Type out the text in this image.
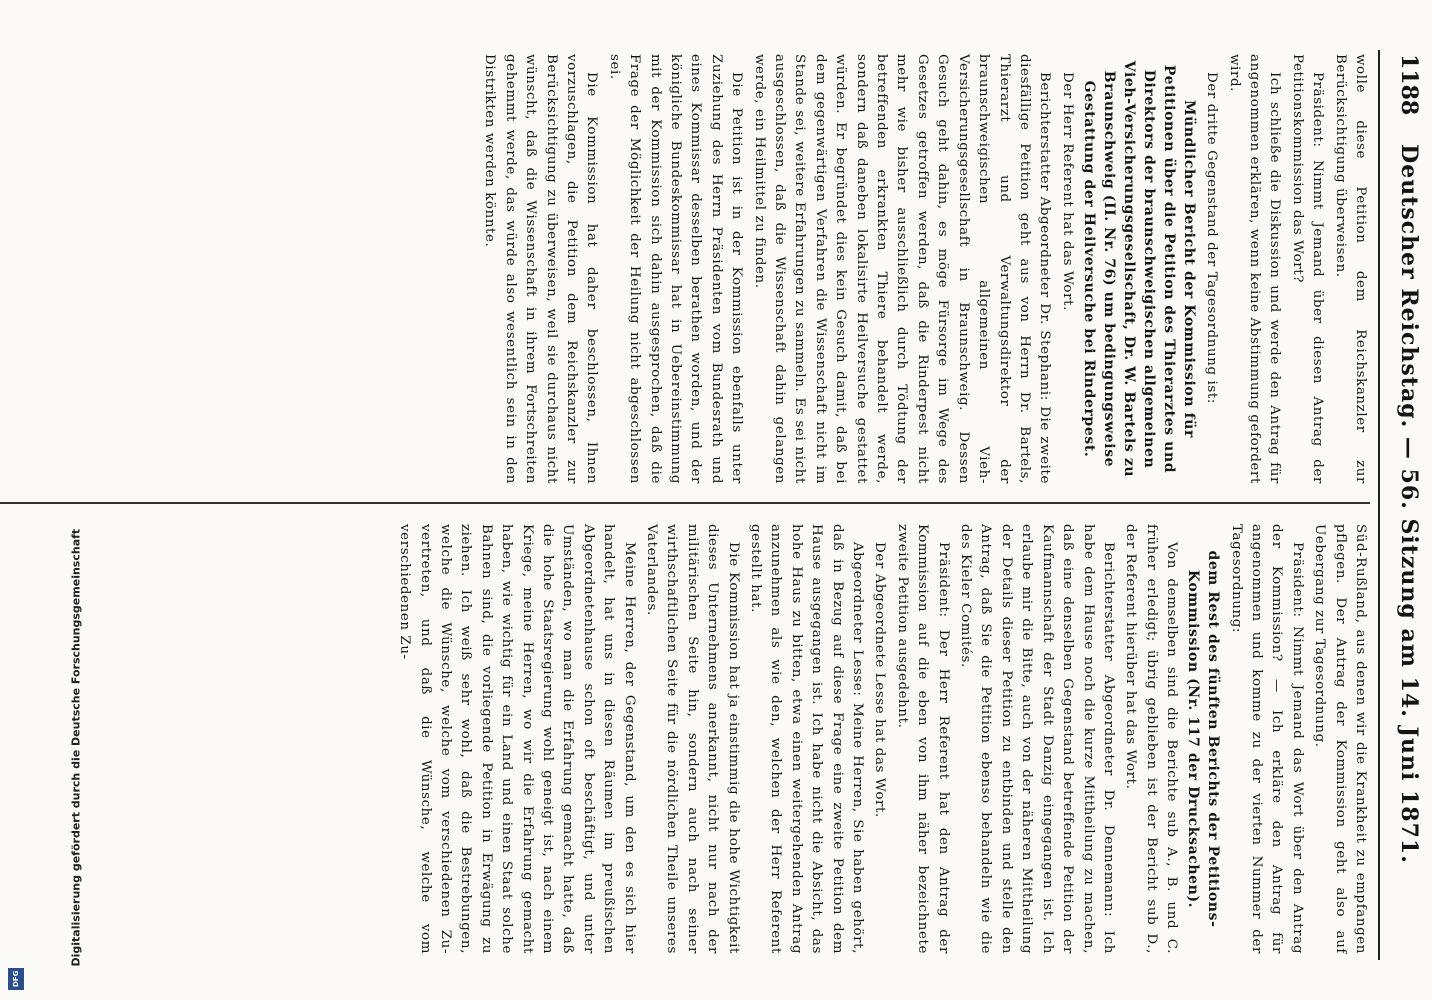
1188
Deutscher Reichstag. — 56. Sitzung am 14. Juni 1871.

wolle diese Petition dem Reichskanzler zur Berücksichtigung überweisen.

Präsident: Nimmt Jemand über diesen Antrag der Petitionskommission das Wort?

Ich schließe die Diskussion und werde den Antrag für angenommen erklären, wenn keine Abstimmung gefordert wird.

Der dritte Gegenstand der Tagesordnung ist:

Mündlicher Bericht der Kommission für Petitionen über die Petition des Thierarztes und Direktors der braunschweigischen allgemeinen Vieh-Versicherungsgesellschaft, Dr. W. Bartels zu Braunschweig (II. Nr. 76) um bedingungsweise Gestattung der Heilversuche bei Rinderpest.

Der Herr Referent hat das Wort.

Berichterstatter Abgeordneter Dr. Stephani: Die zweite diesfällige Petition geht aus von Herrn Dr. Bartels, Thierarzt und Verwaltungsdirektor der braunschweigischen allgemeinen Vieh-Versicherungsgesellschaft in Braunschweig. Dessen Gesuch geht dahin, es möge Fürsorge im Wege des Gesetzes getroffen werden, daß die Rinderpest nicht mehr wie bisher ausschließlich durch Tödtung der betreffenden erkrankten Thiere behandelt werde, sondern daß daneben lokalisirte Heilversuche gestattet würden. Er begründet dies kein Gesuch damit, daß bei dem gegenwärtigen Verfahren die Wissenschaft nicht im Stande sei, weitere Erfahrungen zu sammeln. Es sei nicht ausgeschlossen, daß die Wissenschaft dahin gelangen werde, ein Heilmittel zu finden.

Die Petition ist in der Kommission ebenfalls unter Zuziehung des Herrn Präsidenten vom Bundesrath und eines Kommissar desselben berathen worden, und der königliche Bundeskommissar hat in Uebereinstimmung mit der Kommission sich dahin ausgesprochen, daß die Frage der Möglichkeit der Heilung nicht abgeschlossen sei.

Die Kommission hat daher beschlossen, Ihnen vorzuschlagen, die Petition dem Reichskanzler zur Berücksichtigung zu überweisen, weil sie durchaus nicht wünscht, daß die Wissenschaft in ihrem Fortschreiten gehemmt werde, das würde also wesentlich sein in den Distrikten werden könnte.

Süd-Rußland, aus denen wir die Krankheit zu empfangen pflegen. Der Antrag der Kommission geht also auf Uebergang zur Tagesordnung.

Präsident: Nimmt Jemand das Wort über den Antrag der Kommission? — Ich erkläre den Antrag für angenommen und komme zu der vierten Nummer der Tagesordnung:

dem Rest des fünften Berichts der Petitions-Kommission (Nr. 117 der Drucksachen).

Von demselben sind die Berichte sub A., B. und C. früher erledigt; übrig geblieben ist der Bericht sub D., der Referent hierüber hat das Wort.

Berichterstatter Abgeordneter Dr. Dennemann: Ich habe dem Hause noch die kurze Mittheilung zu machen, daß eine denselben Gegenstand betreffende Petition der Kaufmannschaft der Stadt Danzig eingegangen ist. Ich erlaube mir die Bitte, auch von der näheren Mittheilung der Details dieser Petition zu entbinden und stelle den Antrag, daß Sie die Petition ebenso behandeln wie die des Kieler Comités.

Präsident: Der Herr Referent hat den Antrag der Kommission auf die eben von ihm näher bezeichnete zweite Petition ausgedehnt.

Der Abgeordnete Lesse hat das Wort.

Abgeordneter Lesse: Meine Herren, Sie haben gehört, daß in Bezug auf diese Frage eine zweite Petition dem Hause ausgegangen ist. Ich habe nicht die Absicht, das hohe Haus zu bitten, etwa einen weitergehenden Antrag anzunehmen als wie den, welchen der Herr Referent gestellt hat.

Die Kommission hat ja einstimmig die hohe Wichtigkeit dieses Unternehmens anerkannt, nicht nur nach der militärischen Seite hin, sondern auch nach seiner wirthschaftlichen Seite für die nördlichen Theile unseres Vaterlandes.

Meine Herren, der Gegenstand, um den es sich hier handelt, hat uns in diesen Räumen im preußischen Abgeordnetenhause schon oft beschäftigt, und unter Umständen, wo man die Erfahrung gemacht hatte, daß die hohe Staatsregierung wohl geneigt ist, nach einem Kriege, meine Herren, wo wir die Erfahrung gemacht haben, wie wichtig für ein Land und einen Staat solche Bahnen sind, die vorliegende Petition in Erwägung zu ziehen. Ich weiß sehr wohl, daß die Bestrebungen, welche die Wünsche, welche vom verschiedenen Zu- vertreten, und daß die Wünsche, welche vom verschiedenen Zu-

Digitalisierung gefördert durch die Deutsche Forschungsgemeinschaft
DFG
